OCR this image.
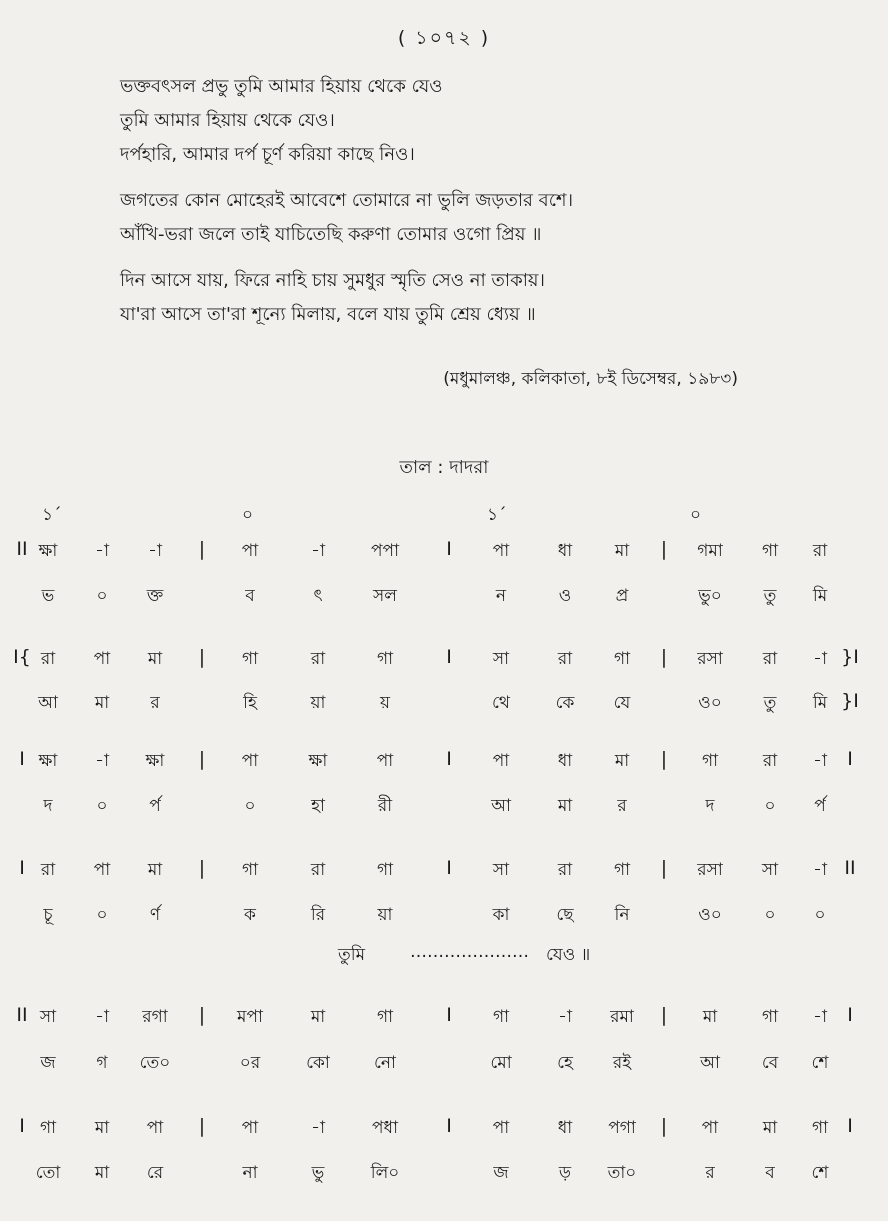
( ১০৭২ )
ভক্তবৎসল প্রভু তুমি আমার হিয়ায় থেকে যেও
তুমি আমার হিয়ায় থেকে যেও।
দর্পহারি, আমার দর্প চূর্ণ করিয়া কাছে নিও।
জগতের কোন মোহেরই আবেশে তোমারে না ভুলি জড়তার বশে।
আঁখি-ভরা জলে তাই যাচিতেছি করুণা তোমার ওগো প্রিয় ॥
দিন আসে যায়, ফিরে নাহি চায় সুমধুর স্মৃতি সেও না তাকায়।
যা'রা আসে তা'রা শূন্যে মিলায়, বলে যায় তুমি শ্রেয় ধ্যেয় ॥
(মধুমালঞ্চ, কলিকাতা, ৮ই ডিসেম্বর, ১৯৮৩)
তাল : দাদরা
১´	০	১´	০
II ক্ষা -া -া | পা	-া	পপা I পা	ধা	মা | গমা গা রা
ভ ০ ক্ত	ব	ৎ	সল	ন	ও	প্র	ভু০ তু মি
I{ রা পা মা | গা	রা	গা	I সা	রা গা | রসা রা -া }I
আ মা র	হি	য়া	য়	থে	কে যে	ও০ তু মি }I
I ক্ষা -া ক্ষা | পা	ক্ষা	পা	I পা	ধা	মা | গা	রা -া I
দ	০ র্প	০	হা	রী	আ	মা	র	দ	০ র্প
I রা পা মা | গা	রা	গা	I সা	রা গা | রসা সা -া II
চূ	০ র্ণ	ক	রি	য়া	কা	ছে নি	ও০	০ ০
II সা -া রগা | মপা	মা	গা	I গা	-া রমা | মা	গা -া I
জ গ তে০	০র	কো	নো	মো	হে রই	আ বে শে
I গা মা পা | পা	-া	পধা	I পা	ধা পগা | পা	মা গা I
তো মা রে	না	ভু	লি০	জ	ড় তা০	র	ব শে
তুমি	………………… যেও ॥
